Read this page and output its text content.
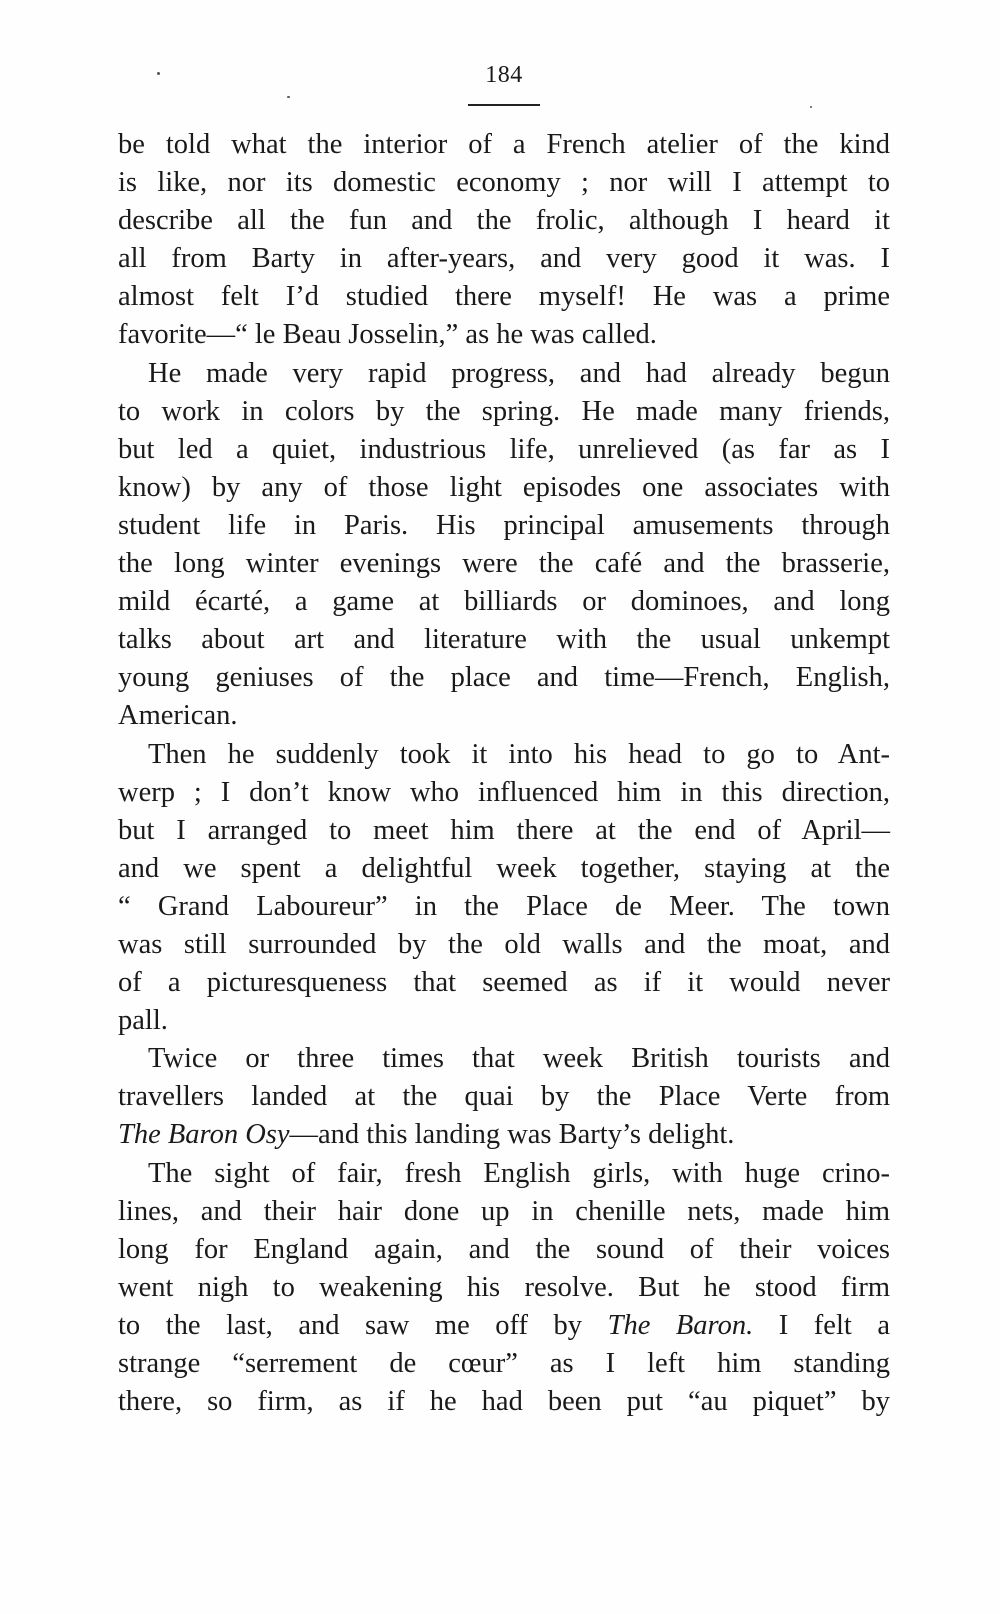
184
be told what the interior of a French atelier of the kind
is like, nor its domestic economy ; nor will I attempt to
describe all the fun and the frolic, although I heard it
all from Barty in after-years, and very good it was. I
almost felt I’d studied there myself! He was a prime
favorite—“ le Beau Josselin,” as he was called.
He made very rapid progress, and had already begun
to work in colors by the spring. He made many friends,
but led a quiet, industrious life, unrelieved (as far as I
know) by any of those light episodes one associates with
student life in Paris. His principal amusements through
the long winter evenings were the café and the brasserie,
mild écarté, a game at billiards or dominoes, and long
talks about art and literature with the usual unkempt
young geniuses of the place and time—French, English,
American.
Then he suddenly took it into his head to go to Ant-
werp ; I don’t know who influenced him in this direction,
but I arranged to meet him there at the end of April—
and we spent a delightful week together, staying at the
“ Grand Laboureur” in the Place de Meer. The town
was still surrounded by the old walls and the moat, and
of a picturesqueness that seemed as if it would never
pall.
Twice or three times that week British tourists and
travellers landed at the quai by the Place Verte from
The Baron Osy—and this landing was Barty’s delight.
The sight of fair, fresh English girls, with huge crino-
lines, and their hair done up in chenille nets, made him
long for England again, and the sound of their voices
went nigh to weakening his resolve. But he stood firm
to the last, and saw me off by The Baron. I felt a
strange “serrement de cœur” as I left him standing
there, so firm, as if he had been put “au piquet” by
